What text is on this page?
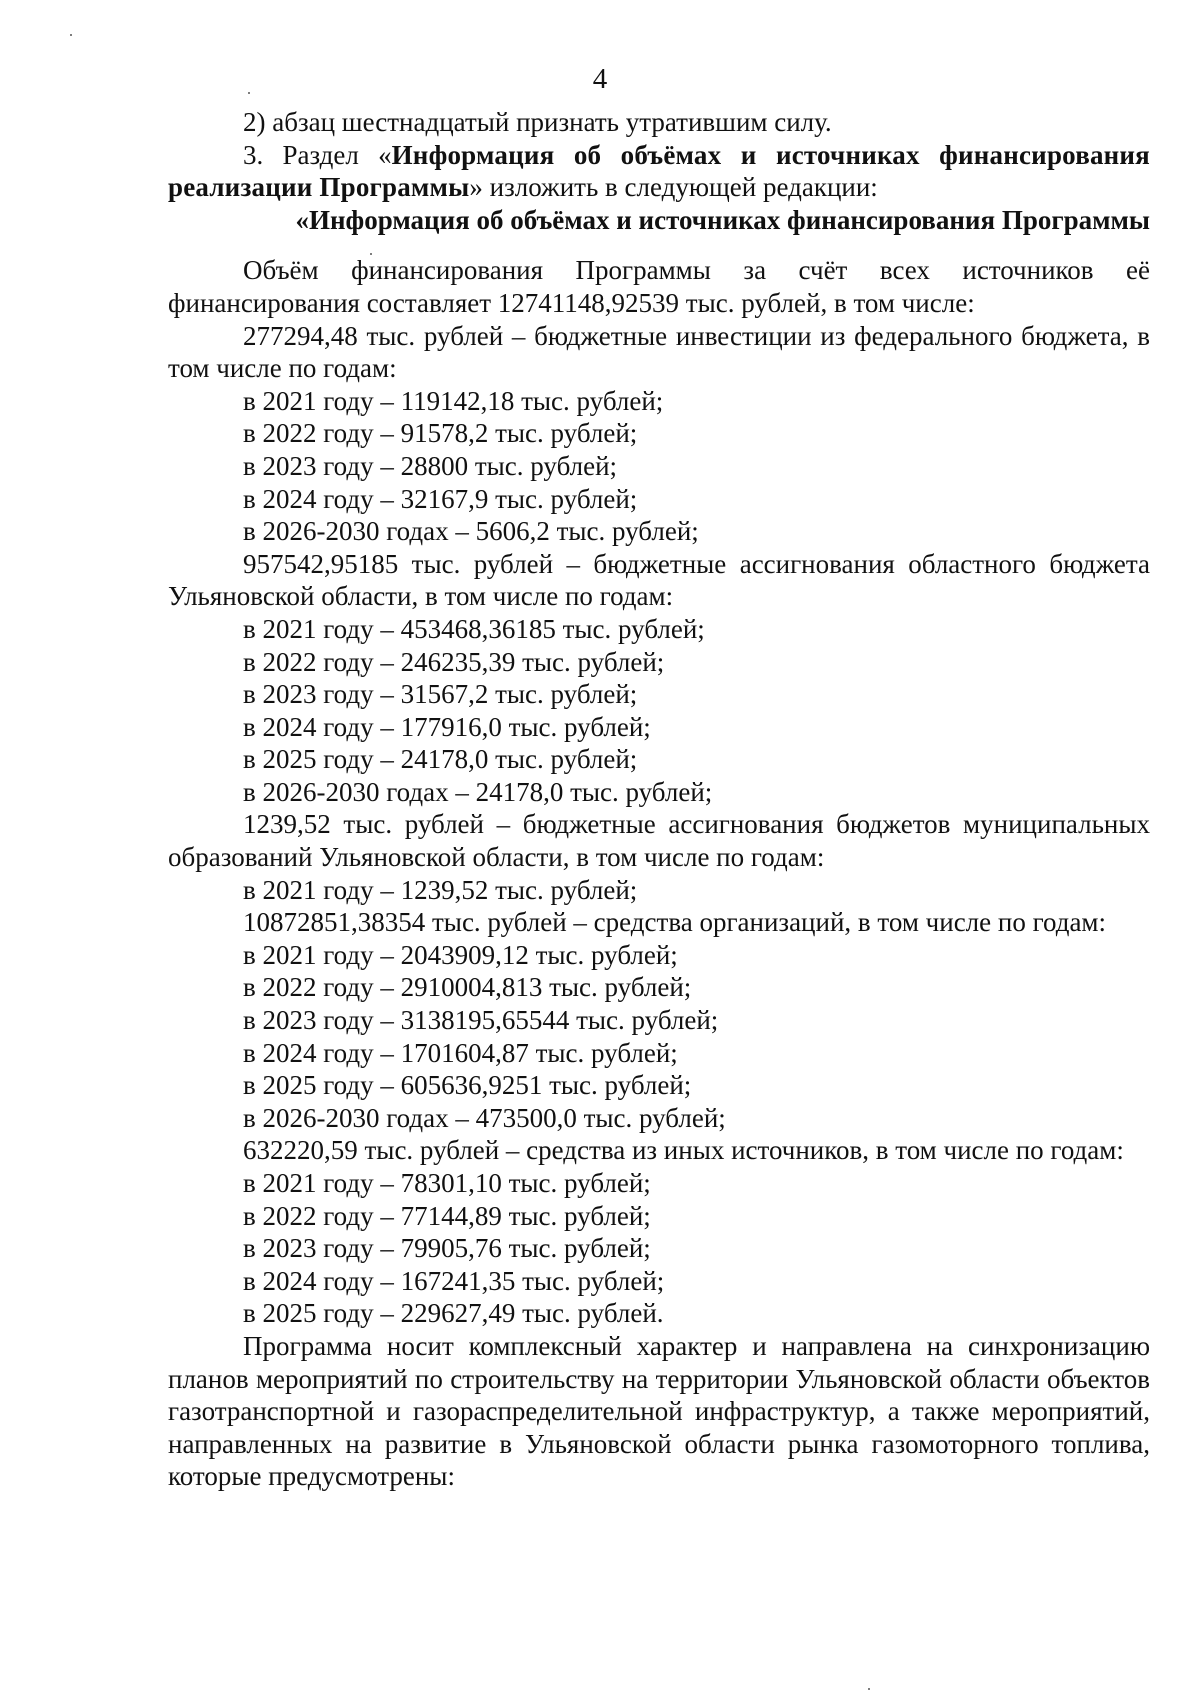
4

2) абзац шестнадцатый признать утратившим силу.

3. Раздел «Информация об объёмах и источниках финансирования реализации Программы» изложить в следующей редакции:

«Информация об объёмах и источниках финансирования Программы

Объём финансирования Программы за счёт всех источников её финансирования составляет 12741148,92539 тыс. рублей, в том числе:

277294,48 тыс. рублей – бюджетные инвестиции из федерального бюджета, в том числе по годам:

в 2021 году – 119142,18 тыс. рублей;
в 2022 году – 91578,2 тыс. рублей;
в 2023 году – 28800 тыс. рублей;
в 2024 году – 32167,9 тыс. рублей;
в 2026-2030 годах – 5606,2 тыс. рублей;

957542,95185 тыс. рублей – бюджетные ассигнования областного бюджета Ульяновской области, в том числе по годам:

в 2021 году – 453468,36185 тыс. рублей;
в 2022 году – 246235,39 тыс. рублей;
в 2023 году – 31567,2 тыс. рублей;
в 2024 году – 177916,0 тыс. рублей;
в 2025 году – 24178,0 тыс. рублей;
в 2026-2030 годах – 24178,0 тыс. рублей;

1239,52 тыс. рублей – бюджетные ассигнования бюджетов муниципальных образований Ульяновской области, в том числе по годам:

в 2021 году – 1239,52 тыс. рублей;

10872851,38354 тыс. рублей – средства организаций, в том числе по годам:

в 2021 году – 2043909,12 тыс. рублей;
в 2022 году – 2910004,813 тыс. рублей;
в 2023 году – 3138195,65544 тыс. рублей;
в 2024 году – 1701604,87 тыс. рублей;
в 2025 году – 605636,9251 тыс. рублей;
в 2026-2030 годах – 473500,0 тыс. рублей;

632220,59 тыс. рублей – средства из иных источников, в том числе по годам:

в 2021 году – 78301,10 тыс. рублей;
в 2022 году – 77144,89 тыс. рублей;
в 2023 году – 79905,76 тыс. рублей;
в 2024 году – 167241,35 тыс. рублей;
в 2025 году – 229627,49 тыс. рублей.

Программа носит комплексный характер и направлена на синхронизацию планов мероприятий по строительству на территории Ульяновской области объектов газотранспортной и газораспределительной инфраструктур, а также мероприятий, направленных на развитие в Ульяновской области рынка газомоторного топлива, которые предусмотрены:
